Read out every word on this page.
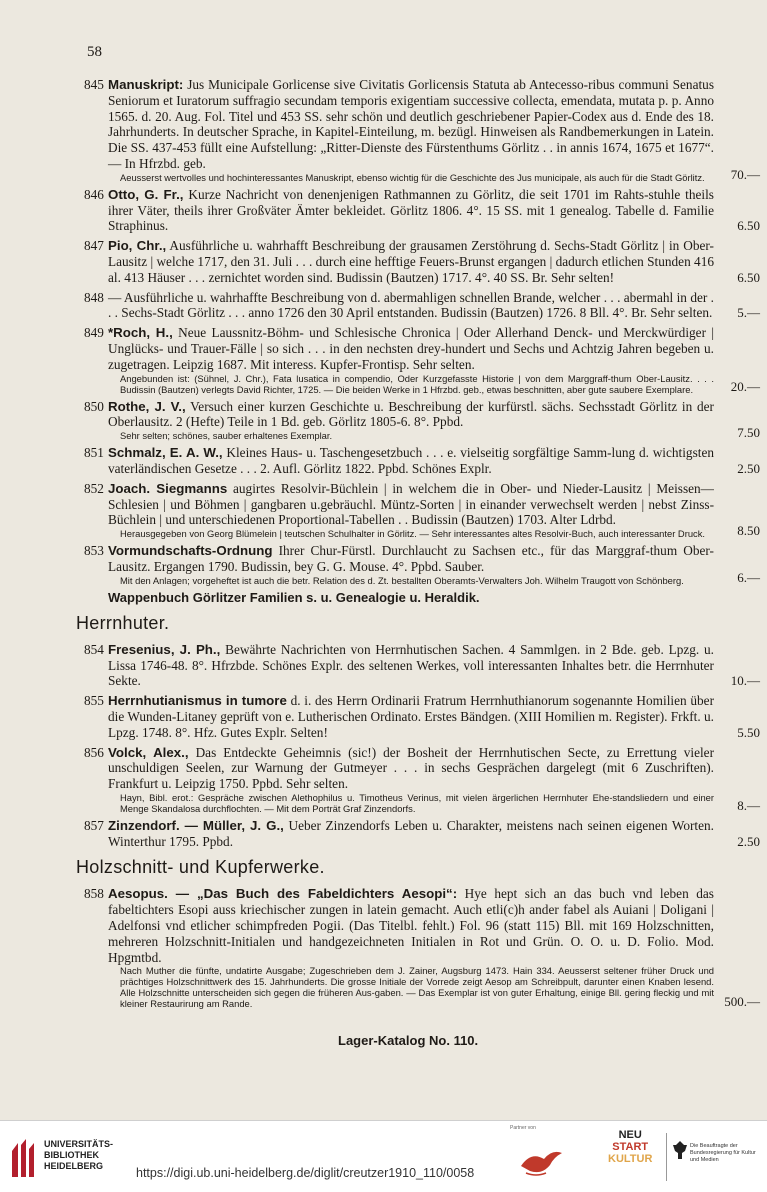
58
845 Manuskript: Jus Municipale Gorlicense sive Civitatis Gorlicensis Statuta ab Antecesso-ribus communi Senatus Seniorum et Iuratorum suffragio secundam temporis exigentiam successive collecta, emendata, mutata p. p. Anno 1565. d. 20. Aug. Fol. Titel und 453 SS. sehr schön und deutlich geschriebener Papier-Codex aus d. Ende des 18. Jahrhunderts. In deutscher Sprache, in Kapitel-Einteilung, m. bezügl. Hinweisen als Randbemerkungen in Latein. Die SS. 437-453 füllt eine Aufstellung: „Ritter-Dienste des Fürstenthums Görlitz . . in annis 1674, 1675 et 1677“. — In Hfrzbd. geb.
Aeusserst wertvolles und hochinteressantes Manuskript, ebenso wichtig für die Geschichte des Jus municipale, als auch für die Stadt Görlitz.	70.—
846 Otto, G. Fr., Kurze Nachricht von denenjenigen Rathmannen zu Görlitz, die seit 1701 im Rahts-stuhle theils ihrer Väter, theils ihrer Großväter Ämter bekleidet. Görlitz 1806. 4°. 15 SS. mit 1 genealog. Tabelle d. Familie Straphinus.	6.50
847 Pio, Chr., Ausführliche u. wahrhafft Beschreibung der grausamen Zerstöhrung d. Sechs-Stadt Görlitz | in Ober-Lausitz | welche 1717, den 31. Juli . . . durch eine hefftige Feuers-Brunst ergangen | dadurch etlichen Stunden 416 al. 413 Häuser . . . zernichtet worden sind. Budissin (Bautzen) 1717. 4°. 40 SS. Br. Sehr selten!	6.50
848 — Ausführliche u. wahrhaffte Beschreibung von d. abermahligen schnellen Brande, welcher . . . abermahl in der . . . Sechs-Stadt Görlitz . . . anno 1726 den 30 April entstanden. Budissin (Bautzen) 1726. 8 Bll. 4°. Br. Sehr selten. 5.—
849 *Roch, H., Neue Laussnitz-Böhm- und Schlesische Chronica | Oder Allerhand Denck- und Merckwürdiger | Unglücks- und Trauer-Fälle | so sich . . . in den nechsten drey-hundert und Sechs und Achtzig Jahren begeben u. zugetragen. Leipzig 1687. Mit interess. Kupfer-Frontisp. Sehr selten.
Angebunden ist: (Sühnel, J. Chr.), Fata lusatica in compendio, Oder Kurzgefasste Historie | von dem Marggraff-thum Ober-Lausitz. . . . Budissin (Bautzen) verlegts David Richter, 1725. — Die beiden Werke in 1 Hfrzbd. geb., etwas beschnitten, aber gute saubere Exemplare.	20.—
850 Rothe, J. V., Versuch einer kurzen Geschichte u. Beschreibung der kurfürstl. sächs. Sechsstadt Görlitz in der Oberlausitz. 2 (Hefte) Teile in 1 Bd. geb. Görlitz 1805-6. 8°. Ppbd.
Sehr selten; schönes, sauber erhaltenes Exemplar.	7.50
851 Schmalz, E. A. W., Kleines Haus- u. Taschengesetzbuch . . . e. vielseitig sorgfältige Samm-lung d. wichtigsten vaterländischen Gesetze . . . 2. Aufl. Görlitz 1822. Ppbd. Schönes Explr.	2.50
852 Joach. Siegmanns augirtes Resolvir-Büchlein | in welchem die in Ober- und Nieder-Lausitz | Meissen—Schlesien | und Böhmen | gangbaren u.gebräuchl. Müntz-Sorten | in einander verwechselt werden | nebst Zinss-Büchlein | und unterschiedenen Proportional-Tabellen . . Budissin (Bautzen) 1703. Alter Ldrbd.
Herausgegeben von Georg Blümelein | teutschen Schulhalter in Görlitz. — Sehr interessantes altes Resolvir-Buch, auch interessanter Druck.	8.50
853 Vormundschafts-Ordnung Ihrer Chur-Fürstl. Durchlaucht zu Sachsen etc., für das Marggraf-thum Ober-Lausitz. Ergangen 1790. Budissin, bey G. G. Mouse. 4°. Ppbd. Sauber.
Mit den Anlagen; vorgeheftet ist auch die betr. Relation des d. Zt. bestallten Oberamts-Verwalters Joh. Wilhelm Traugott von Schönberg.	6.—
Wappenbuch Görlitzer Familien s. u. Genealogie u. Heraldik.
Herrnhuter.
854 Fresenius, J. Ph., Bewährte Nachrichten von Herrnhutischen Sachen. 4 Sammlgen. in 2 Bde. geb. Lpzg. u. Lissa 1746-48. 8°. Hfrzbde. Schönes Explr. des seltenen Werkes, voll interessanten Inhaltes betr. die Herrnhuter Sekte.	10.—
855 Herrnhutianismus in tumore d. i. des Herrn Ordinarii Fratrum Herrnhuthianorum sogenannte Homilien über die Wunden-Litaney geprüft von e. Lutherischen Ordinato. Erstes Bändgen. (XIII Homilien m. Register). Frkft. u. Lpzg. 1748. 8°. Hfz. Gutes Explr. Selten!	5.50
856 Volck, Alex., Das Entdeckte Geheimnis (sic!) der Bosheit der Herrnhutischen Secte, zu Errettung vieler unschuldigen Seelen, zur Warnung der Gutmeyer . . . in sechs Gesprächen dargelegt (mit 6 Zuschriften). Frankfurt u. Leipzig 1750. Ppbd. Sehr selten.
Hayn, Bibl. erot.: Gespräche zwischen Alethophilus u. Timotheus Verinus, mit vielen ärgerlichen Herrnhuter Ehe-standsliedern und einer Menge Skandalosa durchflochten. — Mit dem Porträt Graf Zinzendorfs.	8.—
857 Zinzendorf. — Müller, J. G., Ueber Zinzendorfs Leben u. Charakter, meistens nach seinen eigenen Worten. Winterthur 1795. Ppbd.	2.50
Holzschnitt- und Kupferwerke.
858 Aesopus. — „Das Buch des Fabeldichters Aesopi“: Hye hept sich an das buch vnd leben das fabeltichters Esopi auss kriechischer zungen in latein gemacht. Auch etli(c)h ander fabel als Auiani | Doligani | Adelfonsi vnd etlicher schimpfreden Pogii. (Das Titelbl. fehlt.) Fol. 96 (statt 115) Bll. mit 169 Holzschnitten, mehreren Holzschnitt-Initialen und handgezeichneten Initialen in Rot und Grün. O. O. u. D. Folio. Mod. Hpgmtbd.
Nach Muther die fünfte, undatirte Ausgabe; Zugeschrieben dem J. Zainer, Augsburg 1473. Hain 334. Aeusserst seltener früher Druck und prächtiges Holzschnittwerk des 15. Jahrhunderts. Die grosse Initiale der Vorrede zeigt Aesop am Schreibpult, darunter einen Knaben lesend. Alle Holzschnitte unterscheiden sich gegen die früheren Aus-gaben. — Das Exemplar ist von guter Erhaltung, einige Bll. gering fleckig und mit kleiner Restaurirung am Rande.	500.—
Lager-Katalog No. 110.
UNIVERSITÄTS-
BIBLIOTHEK
HEIDELBERG	https://digi.ub.uni-heidelberg.de/diglit/creutzer1910_110/0058
Partner von
NEU
START
KULTUR
Die Beauftragte der Bundesregierung für Kultur und Medien
